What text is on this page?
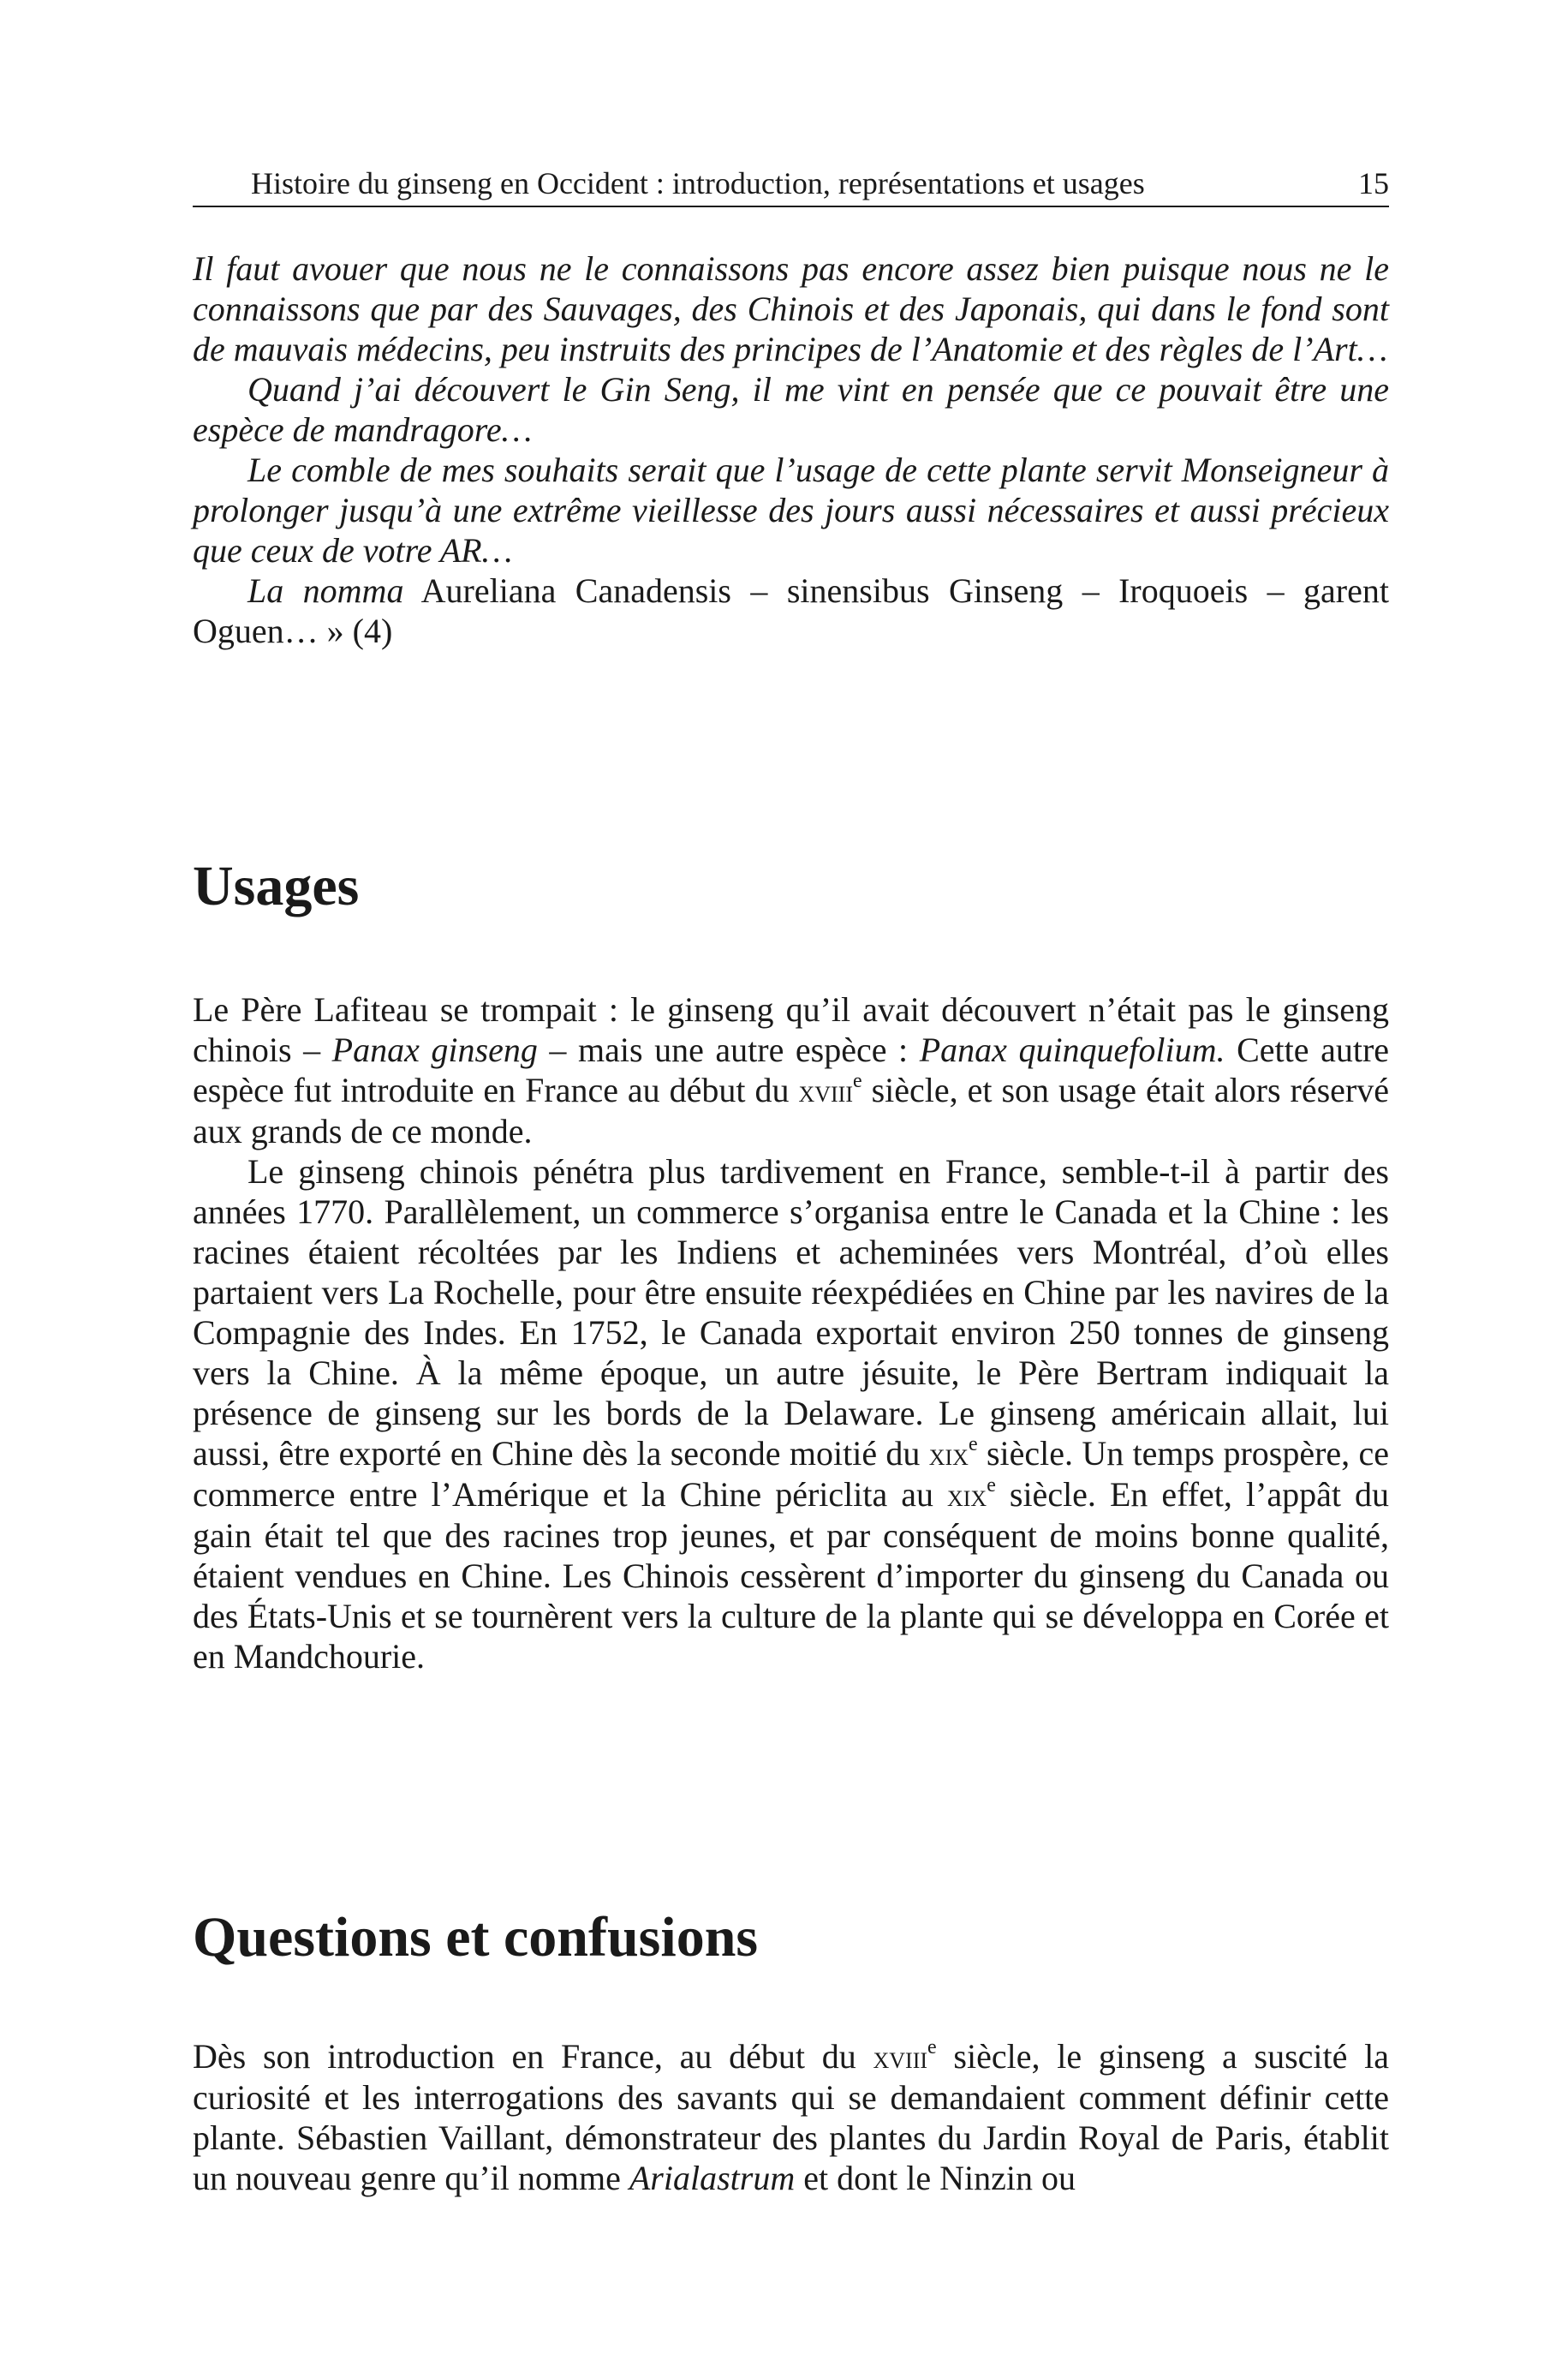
Histoire du ginseng en Occident : introduction, représentations et usages	15

Il faut avouer que nous ne le connaissons pas encore assez bien puisque nous ne le connaissons que par des Sauvages, des Chinois et des Japonais, qui dans le fond sont de mauvais médecins, peu instruits des principes de l’Anatomie et des règles de l’Art…

Quand j’ai découvert le Gin Seng, il me vint en pensée que ce pouvait être une espèce de mandragore…

Le comble de mes souhaits serait que l’usage de cette plante servit Monseigneur à prolonger jusqu’à une extrême vieillesse des jours aussi nécessaires et aussi précieux que ceux de votre AR…

La nomma Aureliana Canadensis – sinensibus Ginseng – Iroquoeis – garent Oguen… » (4)

Usages

Le Père Lafiteau se trompait : le ginseng qu’il avait découvert n’était pas le ginseng chinois – Panax ginseng – mais une autre espèce : Panax quinquefolium. Cette autre espèce fut introduite en France au début du xviii$^e$ siècle, et son usage était alors réservé aux grands de ce monde.

Le ginseng chinois pénétra plus tardivement en France, semble-t-il à partir des années 1770. Parallèlement, un commerce s’organisa entre le Canada et la Chine : les racines étaient récoltées par les Indiens et acheminées vers Montréal, d’où elles partaient vers La Rochelle, pour être ensuite réexpédiées en Chine par les navires de la Compagnie des Indes. En 1752, le Canada exportait environ 250 tonnes de ginseng vers la Chine. À la même époque, un autre jésuite, le Père Bertram indiquait la présence de ginseng sur les bords de la Delaware. Le ginseng américain allait, lui aussi, être exporté en Chine dès la seconde moitié du xix$^e$ siècle. Un temps prospère, ce commerce entre l’Amérique et la Chine périclita au xix$^e$ siècle. En effet, l’appât du gain était tel que des racines trop jeunes, et par conséquent de moins bonne qualité, étaient vendues en Chine. Les Chinois cessèrent d’importer du ginseng du Canada ou des États-Unis et se tournèrent vers la culture de la plante qui se développa en Corée et en Mandchourie.

Questions et confusions

Dès son introduction en France, au début du xviii$^e$ siècle, le ginseng a suscité la curiosité et les interrogations des savants qui se demandaient comment définir cette plante. Sébastien Vaillant, démonstrateur des plantes du Jardin Royal de Paris, établit un nouveau genre qu’il nomme Arialastrum et dont le Ninzin ou
